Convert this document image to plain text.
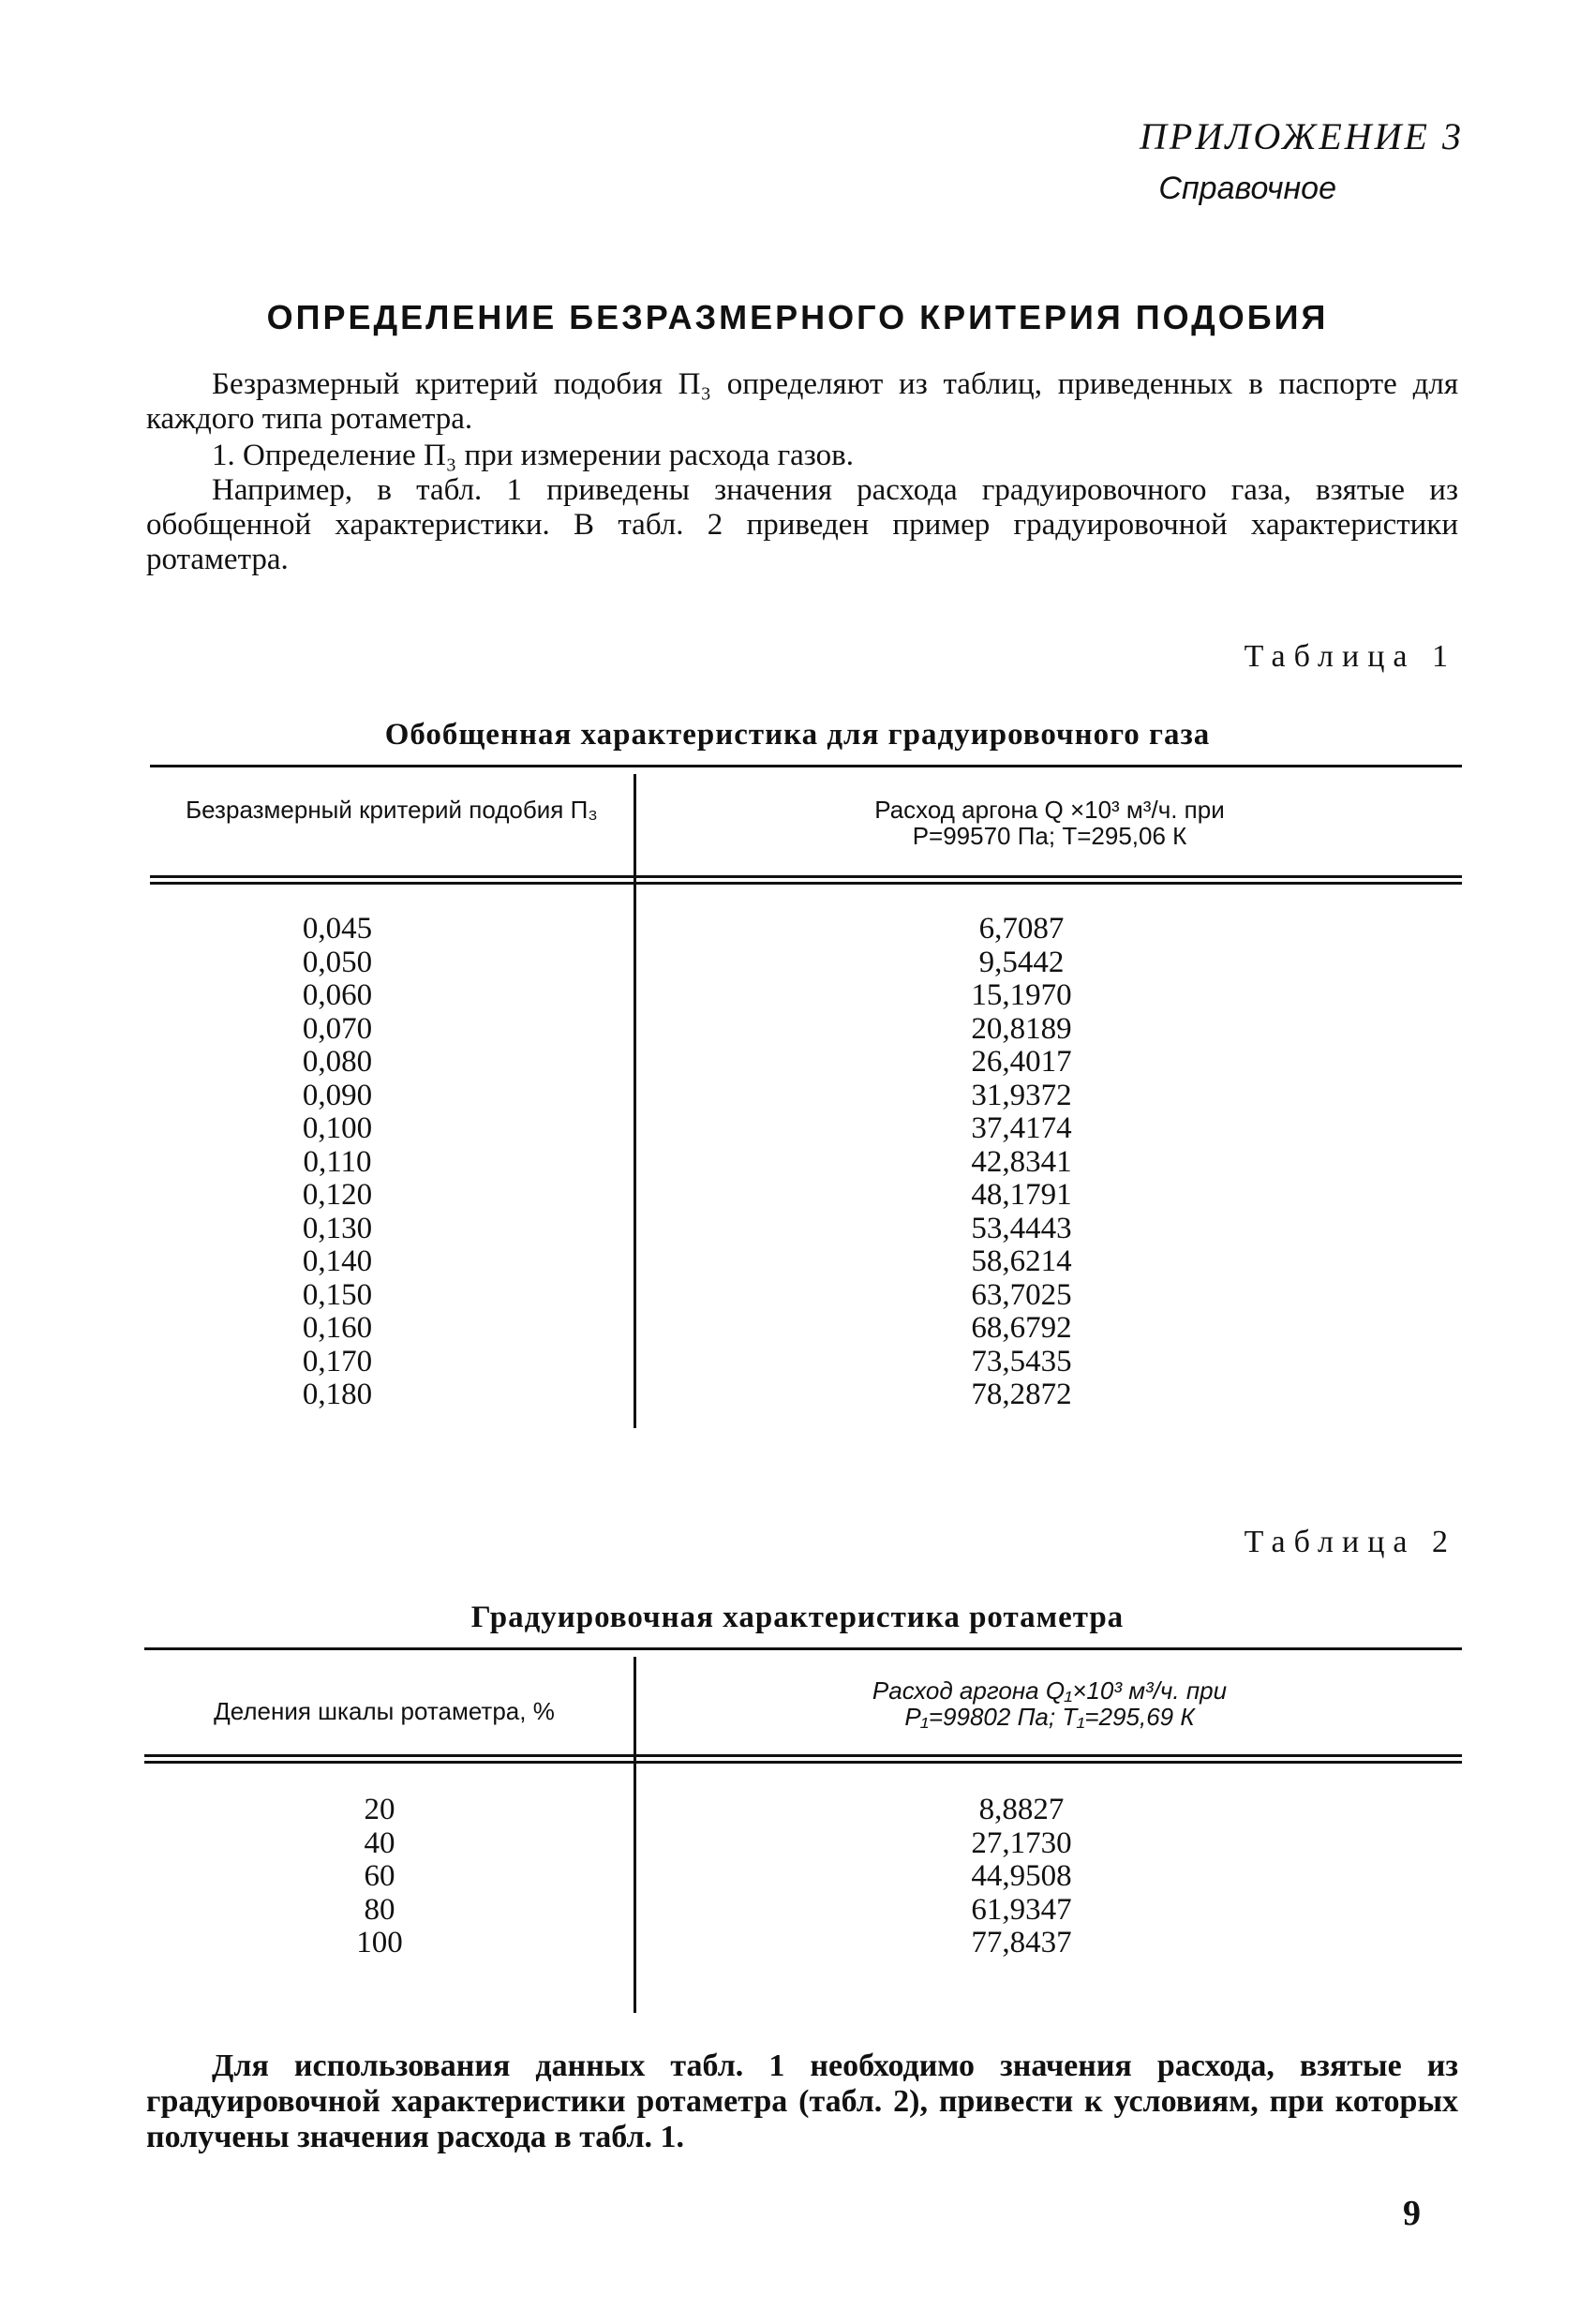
ПРИЛОЖЕНИЕ 3
Справочное
ОПРЕДЕЛЕНИЕ БЕЗРАЗМЕРНОГО КРИТЕРИЯ ПОДОБИЯ
Безразмерный критерий подобия П₃ определяют из таблиц, приведенных в паспорте для каждого типа ротаметра.
1. Определение П₃ при измерении расхода газов.
Например, в табл. 1 приведены значения расхода градуировочного газа, взятые из обобщенной характеристики. В табл. 2 приведен пример градуировочной характеристики ротаметра.
Таблица 1
Обобщенная характеристика для градуировочного газа
Безразмерный критерий подобия П₃	Расход аргона Q ×10³ м³/ч. при
P=99570 Па; T=295,06 К
0,045
0,050
0,060
0,070
0,080
0,090
0,100
0,110
0,120
0,130
0,140
0,150
0,160
0,170
0,180
6,7087
9,5442
15,1970
20,8189
26,4017
31,9372
37,4174
42,8341
48,1791
53,4443
58,6214
63,7025
68,6792
73,5435
78,2872
Таблица 2
Градуировочная характеристика ротаметра
Деления шкалы ротаметра, %
Расход аргона Q₁×10³ м³/ч. при
P₁=99802 Па; T₁=295,69 К
20
40
60
80
100
8,8827
27,1730
44,9508
61,9347
77,8437
Для использования данных табл. 1 необходимо значения расхода, взятые из градуировочной характеристики ротаметра (табл. 2), привести к условиям, при которых получены значения расхода в табл. 1.
9
